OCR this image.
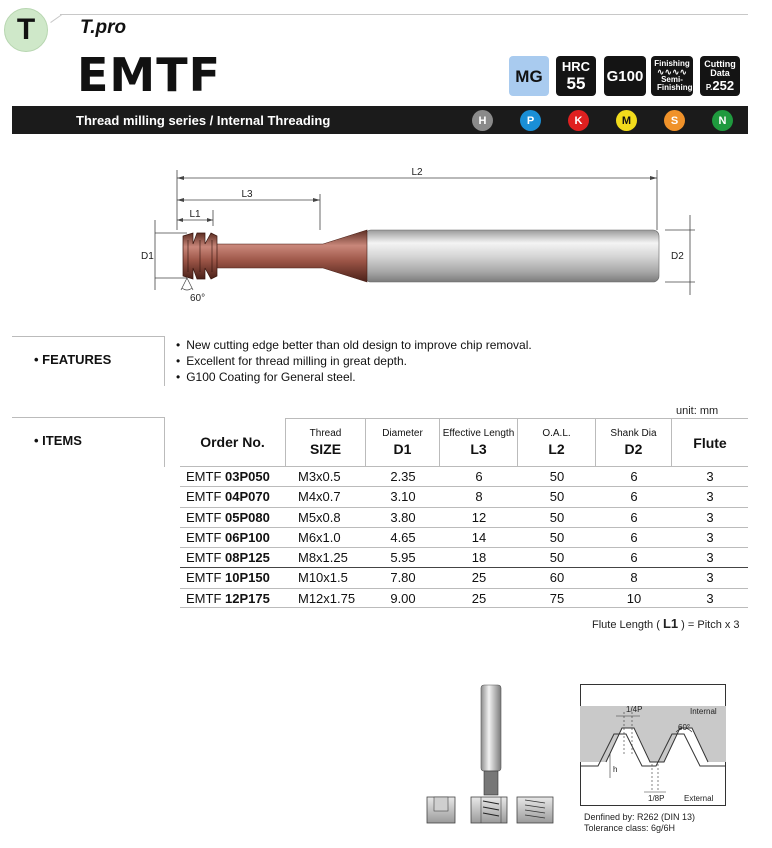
T T.pro
EMTF	MG HRC
55 G100
Finishing
∿∿∿∿
Semi-Finishing
Cutting Data
P.252
Thread milling series / Internal Threading	H	P	K	M	S	N
L2
L3
L1
D1	D2
60°
• FEATURES
• New cutting edge better than old design to improve chip removal.
• Excellent for thread milling in great depth.
• G100 Coating for General steel.
• ITEMS
unit: mm
Order No.
Thread
SIZE
Diameter
D1
Effective Length
L3
O.A.L.
L2
Shank Dia
D2	Flute
EMTF 03P050 M3x0.5	2.35	6	50	6	3
EMTF 04P070 M4x0.7	3.10	8	50	6	3
EMTF 05P080 M5x0.8	3.80	12	50	6	3
EMTF 06P100 M6x1.0	4.65	14	50	6	3
EMTF 08P125 M8x1.25	5.95	18	50	6	3
EMTF 10P150 M10x1.5	7.80	25	60	8	3
EMTF 12P175 M12x1.75	9.00	25	75	10	3
Flute Length ( L1 ) = Pitch x 3
1/4P	Internal
60°
h
1/8P External
Denfined by: R262 (DIN 13)
Tolerance class: 6g/6H
